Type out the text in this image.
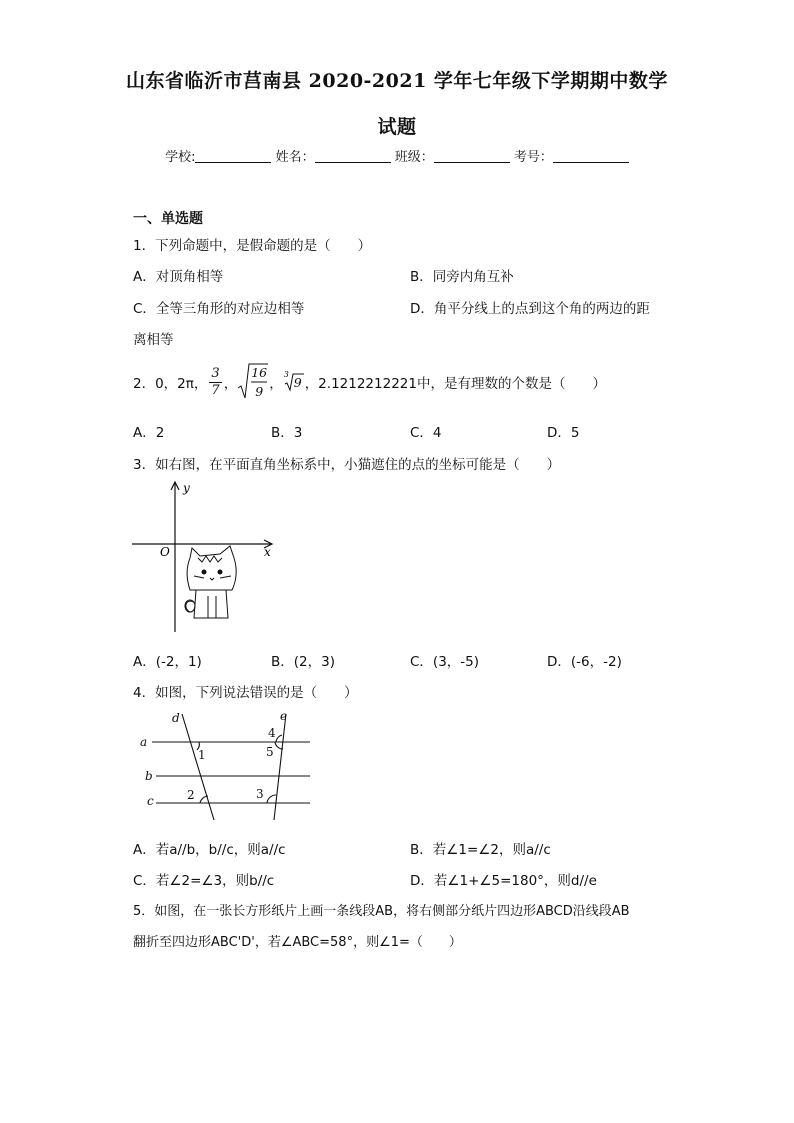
山东省临沂市莒南县 2020-2021 学年七年级下学期期中数学
试题
学校:	姓名：	班级：	考号：
一、单选题
1．下列命题中，是假命题的是（　　）
A．对顶角相等	B．同旁内角互补
C．全等三角形的对应边相等	D．角平分线上的点到这个角的两边的距
离相等
2．0，2π， $\frac{3}{7}$ ，
16
9 ，
3
9 ，2.1212212221中，是有理数的个数是（　　）
A．2	B．3	C．4	D．5
3．如右图，在平面直角坐标系中，小猫遮住的点的坐标可能是（　　）
y
x
O
A．(-2，1)	B．(2，3)	C．(3，-5)	D．(-6，-2)
4．如图，下列说法错误的是（　　）
a
b
c
d	e
1
2	3
4
5
A．若a//b，b//c，则a//c	B．若∠1=∠2，则a//c
C．若∠2=∠3，则b//c	D．若∠1+∠5=180°，则d//e
5．如图，在一张长方形纸片上画一条线段AB，将右侧部分纸片四边形ABCD沿线段AB
翻折至四边形ABC'D'，若∠ABC=58°，则∠1=（　　）
